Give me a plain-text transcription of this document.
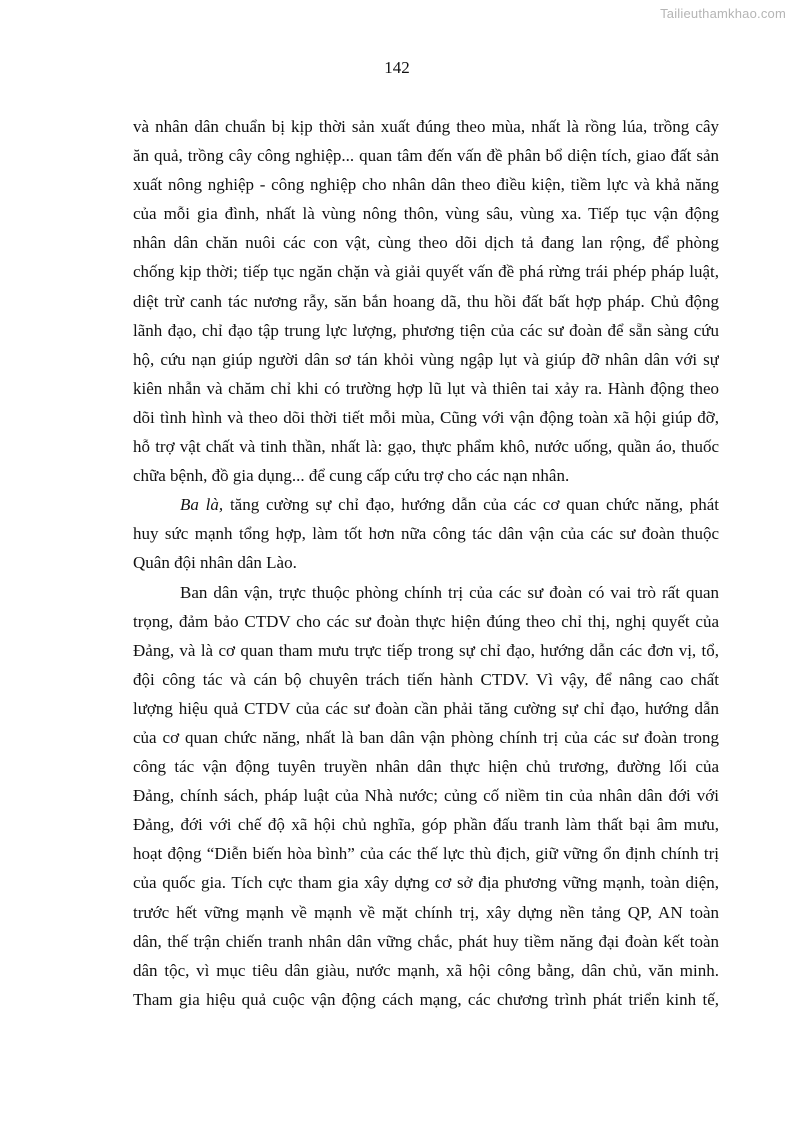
Tailieuthamkhao.com
142
và nhân dân chuẩn bị kịp thời sản xuất đúng theo mùa, nhất là rồng lúa, trồng cây
ăn quả, trồng cây công nghiệp... quan tâm đến vấn đề phân bổ diện tích, giao đất sản
xuất nông nghiệp - công nghiệp cho nhân dân theo điều kiện, tiềm lực và khả năng
của mỗi gia đình, nhất là vùng nông thôn, vùng sâu, vùng xa. Tiếp tục vận động
nhân dân chăn nuôi các con vật, cùng theo dõi dịch tả đang lan rộng, để phòng
chống kịp thời; tiếp tục ngăn chặn và giải quyết vấn đề phá rừng trái phép pháp luật,
diệt trừ canh tác nương rẫy, săn bắn hoang dã, thu hồi đất bất hợp pháp. Chủ động
lãnh đạo, chỉ đạo tập trung lực lượng, phương tiện của các sư đoàn để sẵn sàng cứu
hộ, cứu nạn giúp người dân sơ tán khỏi vùng ngập lụt và giúp đỡ nhân dân với sự
kiên nhẫn và chăm chỉ khi có trường hợp lũ lụt và thiên tai xảy ra. Hành động theo
dõi tình hình và theo dõi thời tiết mỗi mùa, Cũng với vận động toàn xã hội giúp đỡ,
hỗ trợ vật chất và tinh thần, nhất là: gạo, thực phẩm khô, nước uống, quần áo, thuốc
chữa bệnh, đồ gia dụng... để cung cấp cứu trợ cho các nạn nhân.
Ba là, tăng cường sự chỉ đạo, hướng dẫn của các cơ quan chức năng, phát
huy sức mạnh tổng hợp, làm tốt hơn nữa công tác dân vận của các sư đoàn thuộc
Quân đội nhân dân Lào.
Ban dân vận, trực thuộc phòng chính trị của các sư đoàn có vai trò rất quan
trọng, đảm bảo CTDV cho các sư đoàn thực hiện đúng theo chỉ thị, nghị quyết của
Đảng, và là cơ quan tham mưu trực tiếp trong sự chỉ đạo, hướng dẫn các đơn vị, tổ,
đội công tác và cán bộ chuyên trách tiến hành CTDV. Vì vậy, để nâng cao chất
lượng hiệu quả CTDV của các sư đoàn cần phải tăng cường sự chỉ đạo, hướng dẫn
của cơ quan chức năng, nhất là ban dân vận phòng chính trị của các sư đoàn trong
công tác vận động tuyên truyền nhân dân thực hiện chủ trương, đường lối của
Đảng, chính sách, pháp luật của Nhà nước; củng cố niềm tin của nhân dân đới với
Đảng, đới với chế độ xã hội chủ nghĩa, góp phần đấu tranh làm thất bại âm mưu,
hoạt động “Diễn biến hòa bình” của các thế lực thù địch, giữ vững ổn định chính trị
của quốc gia. Tích cực tham gia xây dựng cơ sở địa phương vững mạnh, toàn diện,
trước hết vững mạnh về mạnh về mặt chính trị, xây dựng nền tảng QP, AN toàn
dân, thế trận chiến tranh nhân dân vững chắc, phát huy tiềm năng đại đoàn kết toàn
dân tộc, vì mục tiêu dân giàu, nước mạnh, xã hội công bằng, dân chủ, văn minh.
Tham gia hiệu quả cuộc vận động cách mạng, các chương trình phát triển kinh tế,
